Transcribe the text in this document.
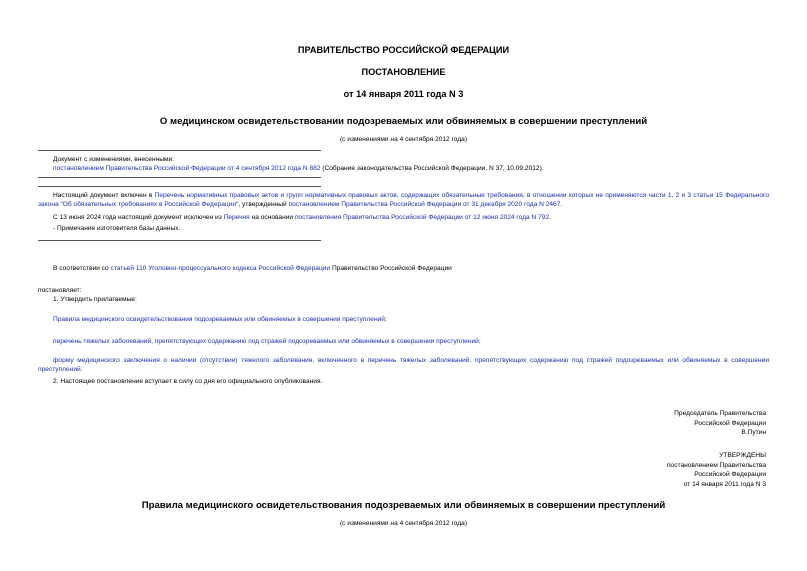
ПРАВИТЕЛЬСТВО РОССИЙСКОЙ ФЕДЕРАЦИИ
ПОСТАНОВЛЕНИЕ
от 14 января 2011 года N 3
О медицинском освидетельствовании подозреваемых или обвиняемых в совершении преступлений
(с изменениями на 4 сентября 2012 года)
Документ с изменениями, внесенными:
постановлением Правительства Российской Федерации от 4 сентября 2012 года N 882 (Собрание законодательства Российской Федерации, N 37, 10.09.2012).
Настоящий документ включен в Перечень нормативных правовых актов и групп нормативных правовых актов, содержащих обязательные требования, в отношении которых не применяются части 1, 2 и 3 статьи 15 Федерального закона "Об обязательных требованиях в Российской Федерации", утвержденный постановлением Правительства Российской Федерации от 31 декабря 2020 года N 2467.
С 13 июня 2024 года настоящий документ исключен из Перечня на основании постановления Правительства Российской Федерации от 12 июня 2024 года N 792.
- Примечание изготовителя базы данных.
В соответствии со статьей 110 Уголовно-процессуального кодекса Российской Федерации Правительство Российской Федерации
постановляет:
1. Утвердить прилагаемые:
Правила медицинского освидетельствования подозреваемых или обвиняемых в совершении преступлений;
перечень тяжелых заболеваний, препятствующих содержанию под стражей подозреваемых или обвиняемых в совершении преступлений;
форму медицинского заключения о наличии (отсутствии) тяжелого заболевания, включенного в перечень тяжелых заболеваний, препятствующих содержанию под стражей подозреваемых или обвиняемых в совершении преступлений.
2. Настоящее постановление вступает в силу со дня его официального опубликования.
Председатель Правительства
Российской Федерации
В.Путин
УТВЕРЖДЕНЫ
постановлением Правительства
Российской Федерации
от 14 января 2011 года N 3
Правила медицинского освидетельствования подозреваемых или обвиняемых в совершении преступлений
(с изменениями на 4 сентября 2012 года)
